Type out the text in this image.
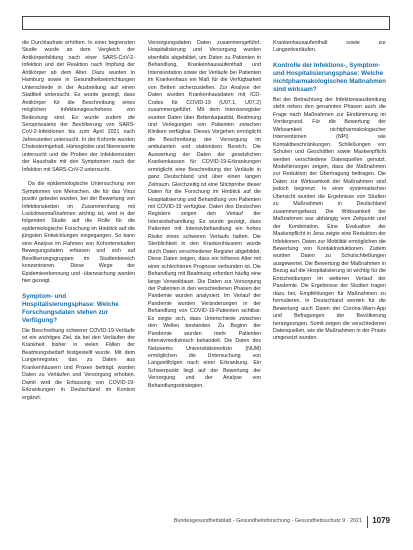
die Durchlaufrate erhöhen. In einer begrenzten Studie wurde an dem Vergleich der Antikörperbildung nach einer SARS-CoV-2-Infektion und der Reaktion nach Impfung der Antikörper ab dem Alter. Dazu wurden in Hamburg sowie in Gesundheitseinrichtungen Unterschiede in der Ausbreitung auf einen Stadtteil untersucht. Es wurde gezeigt, dass Antikörper für die Beschreibung eines möglichen Infektionsgeschehens von Bedeutung sind. Es wurde zudem die Seroprävalenz der Bevölkerung von SARS-CoV-2-Infektionen bis zum April 2021 nach Jahreszeiten untersucht. In der Kohorte wurden Cholesteringehalt, Hämoglobin und Nierenwerte untersucht und die Proben der Infektionsraten der Haushalte mit den Symptomen nach der Infektion mit SARS-CoV-2 untersucht.

Da die epidemiologische Untersuchung von Symptomen von Menschen, die für das Virus positiv getestet wurden, bei der Bewertung von Infektionsketten im Zusammenhang mit Lockdownmaßnahmen wichtig ist, wird in der folgenden Studie auf die Rolle für die epidemiologische Forschung im Hinblick auf die jüngsten Entwicklungen eingegangen. So kann eine Analyse im Rahmen von Kohortenstudien Bewegungsdaten erfassen und sich auf Bevölkerungsgruppen im Studienbereich konzentrieren. Diese Wege der Epidemieerkennung und -überwachung werden hier gezeigt.

Symptom- und Hospitalisierungsphase: Welche Forschungsdaten stehen zur Verfügung?

Die Beschreibung schwerer COVID-19-Verläufe ist ein wichtiges Ziel, da bei den Verläufen der Krankheit bisher in vielen Fällen der Beatmungsbedarf festgestellt wurde. Mit dem Lungenregister, das zu Daten aus Krankenhäusern und Praxen beiträgt, wurden Daten zu Verläufen und Versorgung erhoben. Damit wird die Erfassung von COVID-19-Erkrankungen in Deutschland im Kontext ergänzt.

Versorgungsdaten Daten zusammengeführt. Hospitalisierung und Versorgung wurden ebenfalls abgebildet, um Daten zu Patienten in Behandlung, Krankenhausaufenthalt und Intensivstation sowie der Verläufe bei Patienten im Krankenhaus ein Maß für die Verfügbarkeit von Betten sicherzustellen. Zur Analyse der Daten wurden Krankenhausdaten mit ICD-Codes für COVID-19 (U07.1, U07.2) zusammengeführt. Mit dem Intensivregister wurden Daten über Bettenkapazität, Beatmung und Verlegungen von Patienten zwischen Kliniken verfügbar. Dieses Vorgehen ermöglicht die Beschreibung der Versorgung im ambulanten und stationären Bereich. Die Auswertung der Daten der gesetzlichen Krankenkassen für COVID-19-Erkrankungen ermöglicht eine Beschreibung der Verläufe in ganz Deutschland und über einen langen Zeitraum. Gleichzeitig ist eine Stichprobe dieser Daten für die Forschung im Hinblick auf die Hospitalisierung und Behandlung von Patienten mit COVID-19 verfügbar. Daten des Deutschen Registers zeigen den Verlauf der Intensivbehandlung. Es wurde gezeigt, dass Patienten mit Intensivbehandlung ein hohes Risiko eines schweren Verlaufs hatten. Die Sterblichkeit in den Krankenhäusern wurde durch Daten verschiedener Register abgebildet. Diese Daten zeigen, dass ein höheres Alter mit einer schlechteren Prognose verbunden ist. Die Behandlung mit Beatmung erfordert häufig eine lange Verweildauer. Die Daten zur Versorgung der Patienten in den verschiedenen Phasen der Pandemie wurden analysiert. Im Verlauf der Pandemie wurden Veränderungen in der Behandlung von COVID-19-Patienten sichtbar. Es zeigte sich, dass Unterschiede zwischen den Wellen bestanden. Zu Beginn der Pandemie wurden mehr Patienten intensivmedizinisch behandelt. Die Daten des Netzwerks Universitätsmedizin (NUM) ermöglichen die Untersuchung von Langzeitfolgen nach einer Erkrankung. Ein Schwerpunkt liegt auf der Bewertung der Versorgung und der Analyse von Behandlungsstrategien.

Krankenhausaufenthalt sowie zur Langzeitverläufen.

Kontrolle der Infektions-, Symptom- und Hospitalisierungsphase: Welche nichtpharmakologischen Maßnahmen sind wirksam?

Bei der Betrachtung der Infektionsausbreitung steht neben den genannten Phasen auch die Frage nach Maßnahmen zur Eindämmung im Vordergrund. Für die Bewertung der Wirksamkeit nichtpharmakologischer Interventionen (NPI) wie Kontaktbeschränkungen, Schließungen von Schulen und Geschäften sowie Maskenpflicht werden verschiedene Datenquellen genutzt. Modellierungen zeigen, dass die Maßnahmen zur Reduktion der Übertragung beitragen. Die Daten zur Wirksamkeit der Maßnahmen sind jedoch begrenzt. In einer systematischen Übersicht wurden die Ergebnisse von Studien zu Maßnahmen in Deutschland zusammengefasst. Die Wirksamkeit der Maßnahmen war abhängig vom Zeitpunkt und der Kombination. Eine Evaluation der Maskenpflicht in Jena zeigte eine Reduktion der Infektionen. Daten zur Mobilität ermöglichen die Bewertung von Kontaktreduktionen. Zudem wurden Daten zu Schulschließungen ausgewertet. Die Bewertung der Maßnahmen in Bezug auf die Hospitalisierung ist wichtig für die Entscheidungen im weiteren Verlauf der Pandemie. Die Ergebnisse der Studien tragen dazu bei, Empfehlungen für Maßnahmen zu formulieren. In Deutschland werden für die Bewertung auch Daten der Corona-Warn-App und Befragungen der Bevölkerung herangezogen. Somit zeigen die verschiedenen Datenquellen, wie die Maßnahmen in der Praxis umgesetzt wurden.

Bundesgesundheitsblatt - Gesundheitsforschung - Gesundheitsschutz 9 · 2021 1079
